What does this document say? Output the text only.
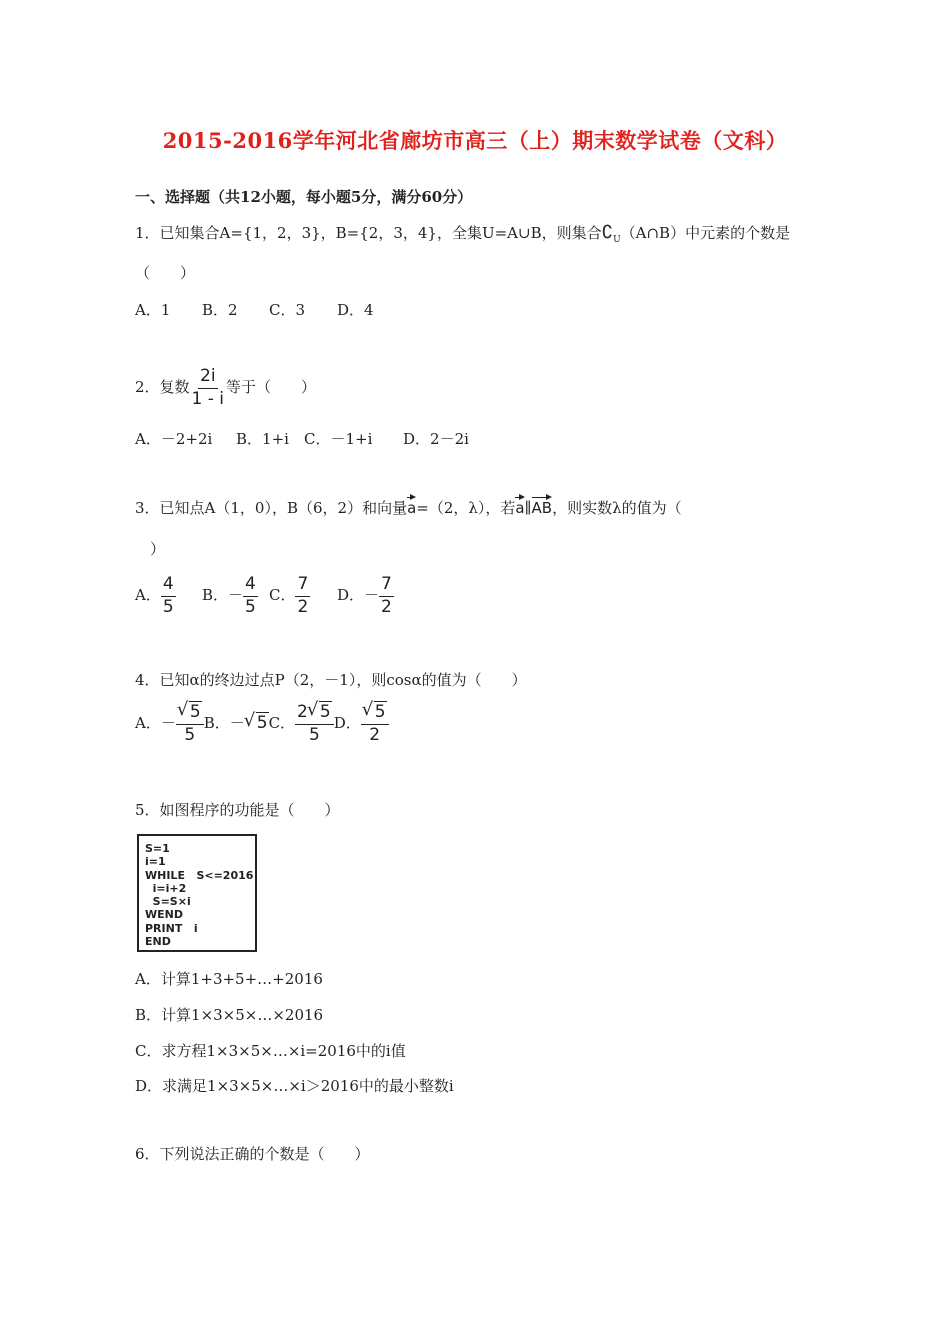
2015-2016学年河北省廊坊市高三（上）期末数学试卷（文科）
一、选择题（共12小题，每小题5分，满分60分）
1．已知集合A={1，2，3}，B={2，3，4}，全集U=A∪B，则集合$∁_U(A\cap B)$中元素的个数是
（　　）
A．1 B．2 C．3 D．4
2．复数 $\frac{2i}{1 - i}$ 等于（　　）
A．－2+2i B．1+i C．－1+i D．2－2i
3．已知点A（1，0），B（6，2）和向量a=（2，λ），若a∥AB，则实数λ的值为（
）
A． $\frac{4}{5}$ B．－ $\frac{4}{5}$ C． $\frac{7}{2}$ D．－ $\frac{7}{2}$
4．已知α的终边过点P（2，－1），则cosα的值为（　　）
A．－ √ $\frac{5}{5}$ B．－ √ 5C． $\frac{2 √ 5}{5}$ D． √ $\frac{5}{2}$
5．如图程序的功能是（　　）
S=1
i=1
WHILE   S<=2016
i=i+2
S=S×i
WEND
PRINT   i
END
A．计算1+3+5+…+2016
B．计算1×3×5×…×2016
C．求方程1×3×5×…×i=2016中的i值
D．求满足1×3×5×…×i＞2016中的最小整数i
6．下列说法正确的个数是（　　）
